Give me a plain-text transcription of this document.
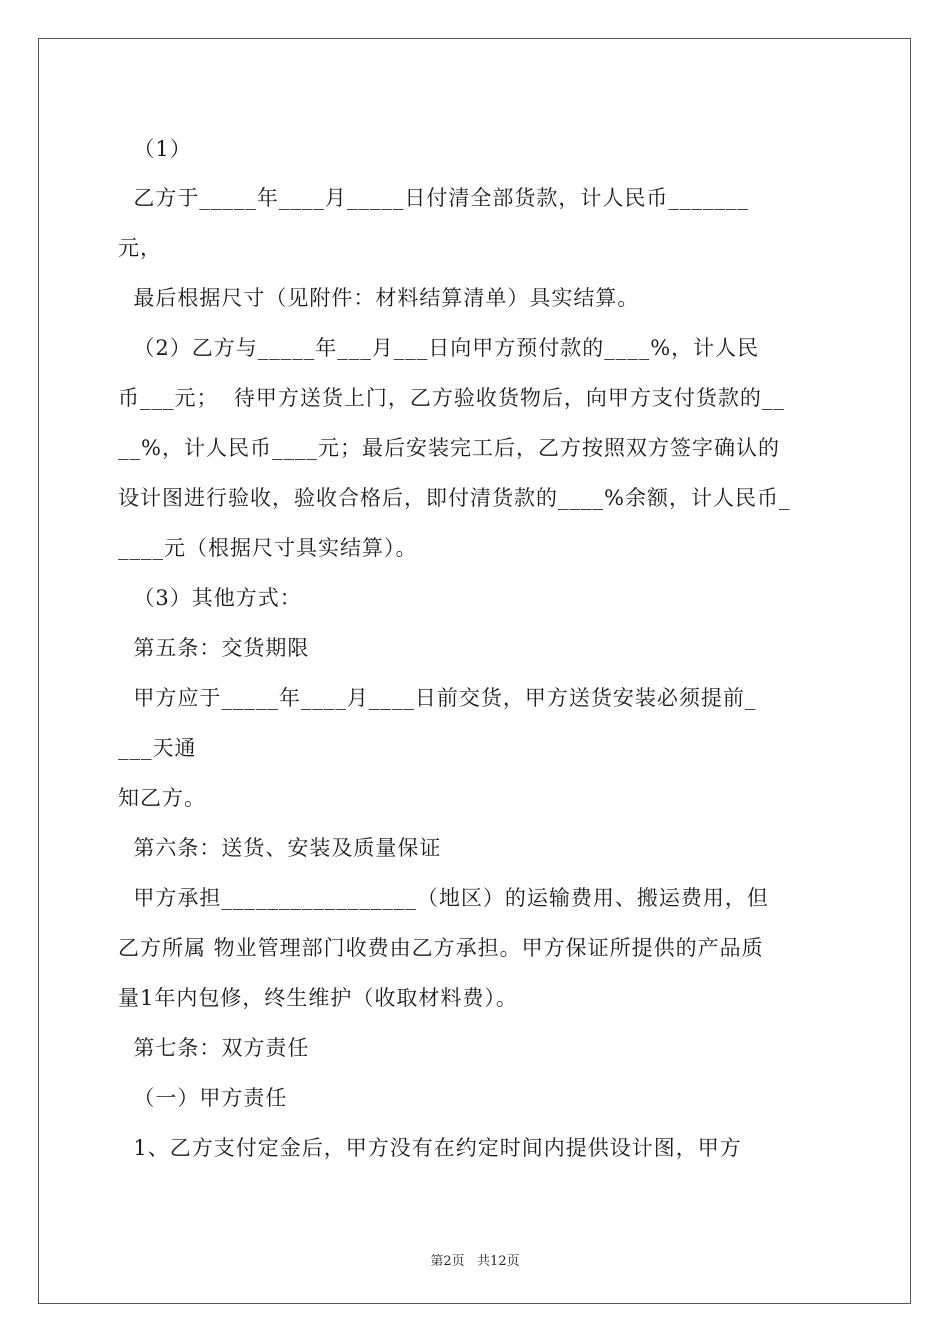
（1）
乙方于_____年____月_____日付清全部货款，计人民币_______
元，
最后根据尺寸（见附件：材料结算清单）具实结算。
（2）乙方与_____年___月___日向甲方预付款的____%，计人民
币___元；  待甲方送货上门，乙方验收货物后，向甲方支付货款的__
__%，计人民币____元；最后安装完工后，乙方按照双方签字确认的
设计图进行验收，验收合格后，即付清货款的____%余额，计人民币_
____元（根据尺寸具实结算）。
（3）其他方式：
第五条：交货期限
甲方应于_____年____月____日前交货，甲方送货安装必须提前_
___天通
知乙方。
第六条：送货、安装及质量保证
甲方承担_________________（地区）的运输费用、搬运费用，但
乙方所属 物业管理部门收费由乙方承担。甲方保证所提供的产品质
量1年内包修，终生维护（收取材料费）。
第七条：双方责任
（一）甲方责任
1、乙方支付定金后，甲方没有在约定时间内提供设计图，甲方
第2页   共12页
